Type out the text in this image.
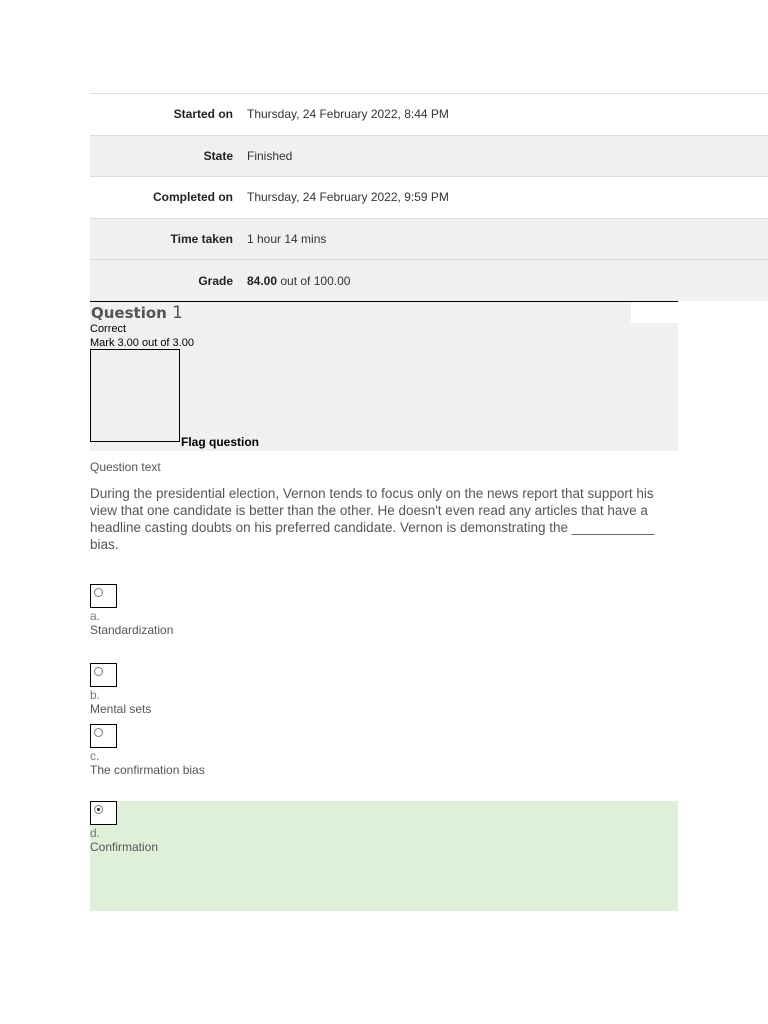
Started on	Thursday, 24 February 2022, 8:44 PM
State	Finished
Completed on	Thursday, 24 February 2022, 9:59 PM
Time taken	1 hour 14 mins
Grade	84.00 out of 100.00
Question 1
Correct
Mark 3.00 out of 3.00
Flag question
Question text
During the presidential election, Vernon tends to focus only on the news report that support his view that one candidate is better than the other. He doesn't even read any articles that have a headline casting doubts on his preferred candidate. Vernon is demonstrating the ___________ bias.
a.
Standardization
b.
Mental sets
c.
The confirmation bias
d.
Confirmation
